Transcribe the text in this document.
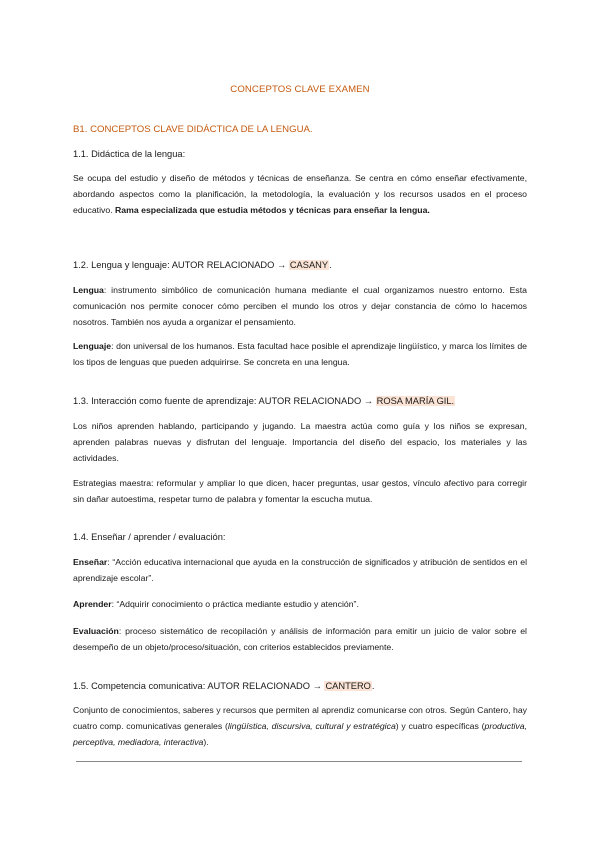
CONCEPTOS CLAVE EXAMEN
B1. CONCEPTOS CLAVE DIDÁCTICA DE LA LENGUA.
1.1. Didáctica de la lengua:

Se ocupa del estudio y diseño de métodos y técnicas de enseñanza. Se centra en cómo enseñar efectivamente, abordando aspectos como la planificación, la metodología, la evaluación y los recursos usados en el proceso educativo. Rama especializada que estudia métodos y técnicas para enseñar la lengua.

1.2. Lengua y lenguaje: AUTOR RELACIONADO → CASANY.

Lengua: instrumento simbólico de comunicación humana mediante el cual organizamos nuestro entorno. Esta comunicación nos permite conocer cómo perciben el mundo los otros y dejar constancia de cómo lo hacemos nosotros. También nos ayuda a organizar el pensamiento.

Lenguaje: don universal de los humanos. Esta facultad hace posible el aprendizaje lingüístico, y marca los límites de los tipos de lenguas que pueden adquirirse. Se concreta en una lengua.

1.3. Interacción como fuente de aprendizaje: AUTOR RELACIONADO → ROSA MARÍA GIL.

Los niños aprenden hablando, participando y jugando. La maestra actúa como guía y los niños se expresan, aprenden palabras nuevas y disfrutan del lenguaje. Importancia del diseño del espacio, los materiales y las actividades.

Estrategias maestra: reformular y ampliar lo que dicen, hacer preguntas, usar gestos, vínculo afectivo para corregir sin dañar autoestima, respetar turno de palabra y fomentar la escucha mutua.

1.4. Enseñar / aprender / evaluación:

Enseñar: “Acción educativa internacional que ayuda en la construcción de significados y atribución de sentidos en el aprendizaje escolar”.

Aprender: “Adquirir conocimiento o práctica mediante estudio y atención”.

Evaluación: proceso sistemático de recopilación y análisis de información para emitir un juicio de valor sobre el desempeño de un objeto/proceso/situación, con criterios establecidos previamente.

1.5. Competencia comunicativa: AUTOR RELACIONADO → CANTERO.

Conjunto de conocimientos, saberes y recursos que permiten al aprendiz comunicarse con otros. Según Cantero, hay cuatro comp. comunicativas generales (lingüística, discursiva, cultural y estratégica) y cuatro específicas (productiva, perceptiva, mediadora, interactiva).
